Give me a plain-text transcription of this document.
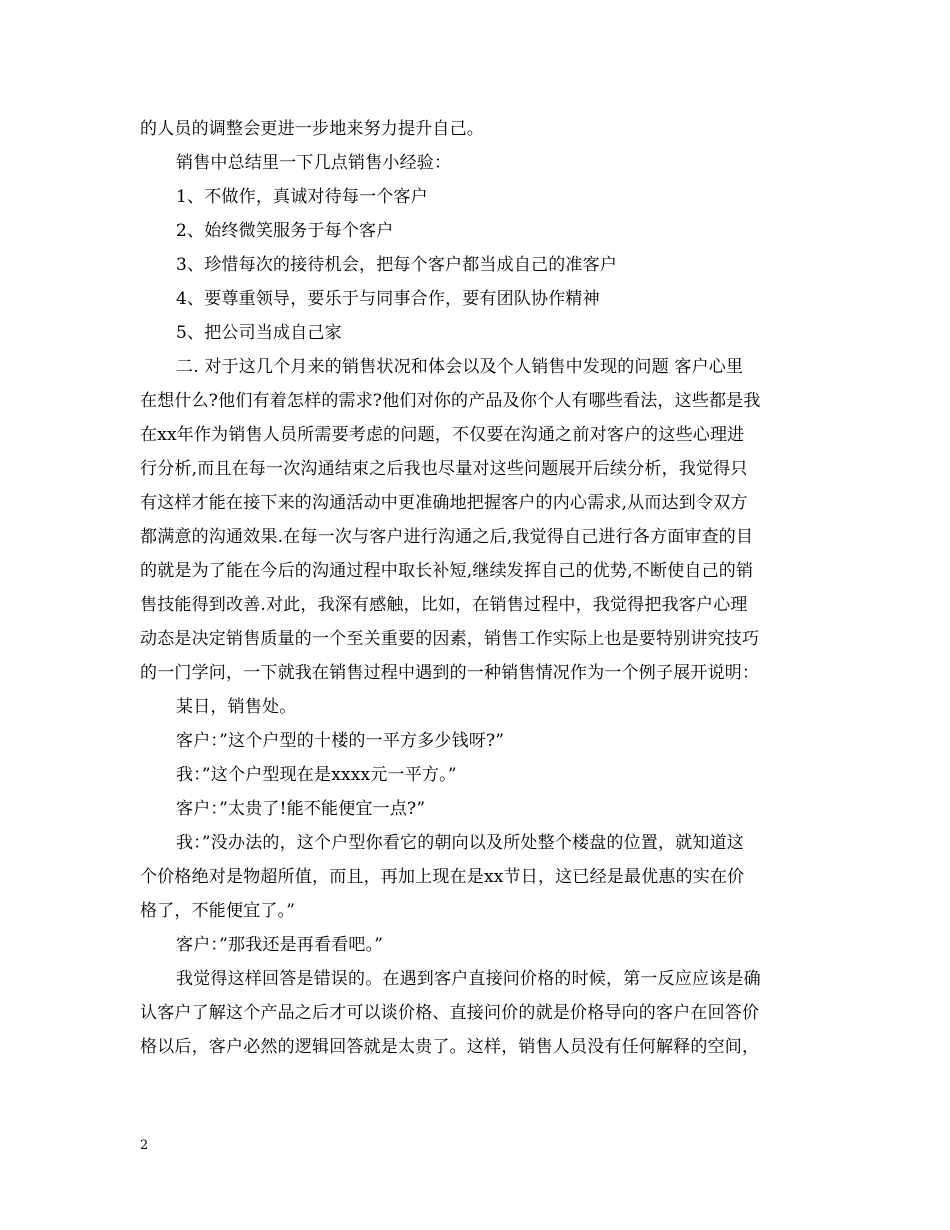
的人员的调整会更进一步地来努力提升自己。
销售中总结里一下几点销售小经验：
1、不做作，真诚对待每一个客户
2、始终微笑服务于每个客户
3、珍惜每次的接待机会，把每个客户都当成自己的准客户
4、要尊重领导，要乐于与同事合作，要有团队协作精神
5、把公司当成自己家
二. 对于这几个月来的销售状况和体会以及个人销售中发现的问题 客户心里
在想什么?他们有着怎样的需求?他们对你的产品及你个人有哪些看法，这些都是我
在xx年作为销售人员所需要考虑的问题，不仅要在沟通之前对客户的这些心理进
行分析,而且在每一次沟通结束之后我也尽量对这些问题展开后续分析，我觉得只
有这样才能在接下来的沟通活动中更准确地把握客户的内心需求,从而达到令双方
都满意的沟通效果.在每一次与客户进行沟通之后,我觉得自己进行各方面审查的目
的就是为了能在今后的沟通过程中取长补短,继续发挥自己的优势,不断使自己的销
售技能得到改善.对此，我深有感触，比如，在销售过程中，我觉得把我客户心理
动态是决定销售质量的一个至关重要的因素，销售工作实际上也是要特别讲究技巧
的一门学问，一下就我在销售过程中遇到的一种销售情况作为一个例子展开说明：
某日，销售处。
客户：”这个户型的十楼的一平方多少钱呀?”
我：”这个户型现在是xxxx元一平方。”
客户：”太贵了!能不能便宜一点?”
我：”没办法的，这个户型你看它的朝向以及所处整个楼盘的位置，就知道这
个价格绝对是物超所值，而且，再加上现在是xx节日，这已经是最优惠的实在价
格了，不能便宜了。”
客户：”那我还是再看看吧。”
我觉得这样回答是错误的。在遇到客户直接问价格的时候，第一反应应该是确
认客户了解这个产品之后才可以谈价格、直接问价的就是价格导向的客户在回答价
格以后，客户必然的逻辑回答就是太贵了。这样，销售人员没有任何解释的空间，
2
